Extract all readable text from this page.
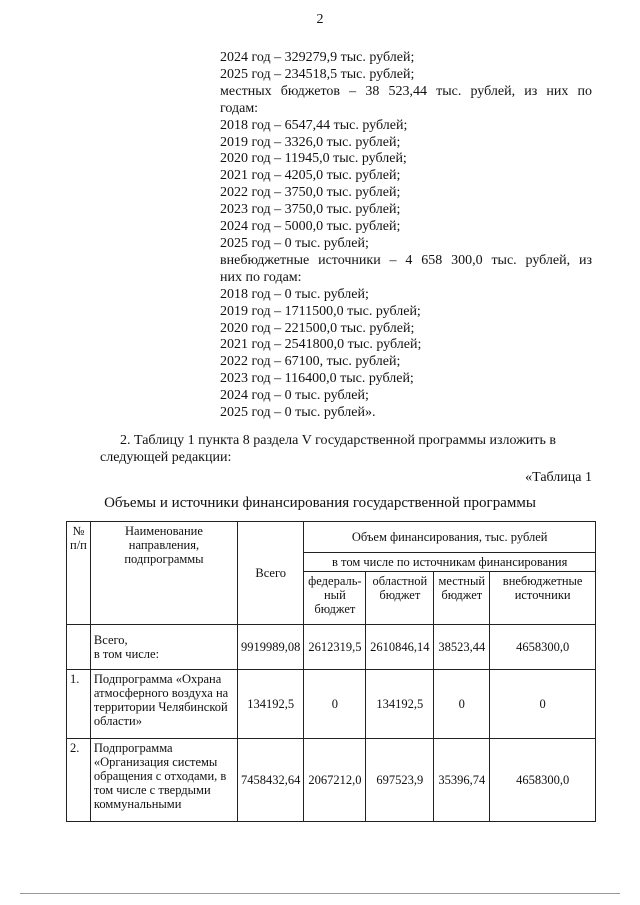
2
2024 год – 329279,9 тыс. рублей;
2025 год – 234518,5 тыс. рублей;
местных бюджетов – 38 523,44 тыс. рублей, из них по
годам:
2018 год – 6547,44 тыс. рублей;
2019 год – 3326,0 тыс. рублей;
2020 год – 11945,0 тыс. рублей;
2021 год – 4205,0 тыс. рублей;
2022 год – 3750,0 тыс. рублей;
2023 год – 3750,0 тыс. рублей;
2024 год – 5000,0 тыс. рублей;
2025 год – 0 тыс. рублей;
внебюджетные источники – 4 658 300,0 тыс. рублей, из
них по годам:
2018 год – 0 тыс. рублей;
2019 год – 1711500,0 тыс. рублей;
2020 год – 221500,0 тыс. рублей;
2021 год – 2541800,0 тыс. рублей;
2022 год – 67100, тыс. рублей;
2023 год – 116400,0 тыс. рублей;
2024 год – 0 тыс. рублей;
2025 год – 0 тыс. рублей».
2. Таблицу 1 пункта 8 раздела V государственной программы изложить в
следующей редакции:
«Таблица 1
Объемы и источники финансирования государственной программы
№ п/п	Наименование направления, подпрограммы	Всего	Объем финансирования, тыс. рублей			
			в том числе по источникам финансирования			
			федераль-ный бюджет	областной бюджет	местный бюджет	внебюджетные источники
	Всего,
в том числе:	9919989,08	2612319,5	2610846,14	38523,44	4658300,0
1.	Подпрограмма «Охрана атмосферного воздуха на территории Челябинской области»	134192,5	0	134192,5	0	0
2.	Подпрограмма «Организация системы обращения с отходами, в том числе с твердыми коммунальными	7458432,64	2067212,0	697523,9	35396,74	4658300,0
